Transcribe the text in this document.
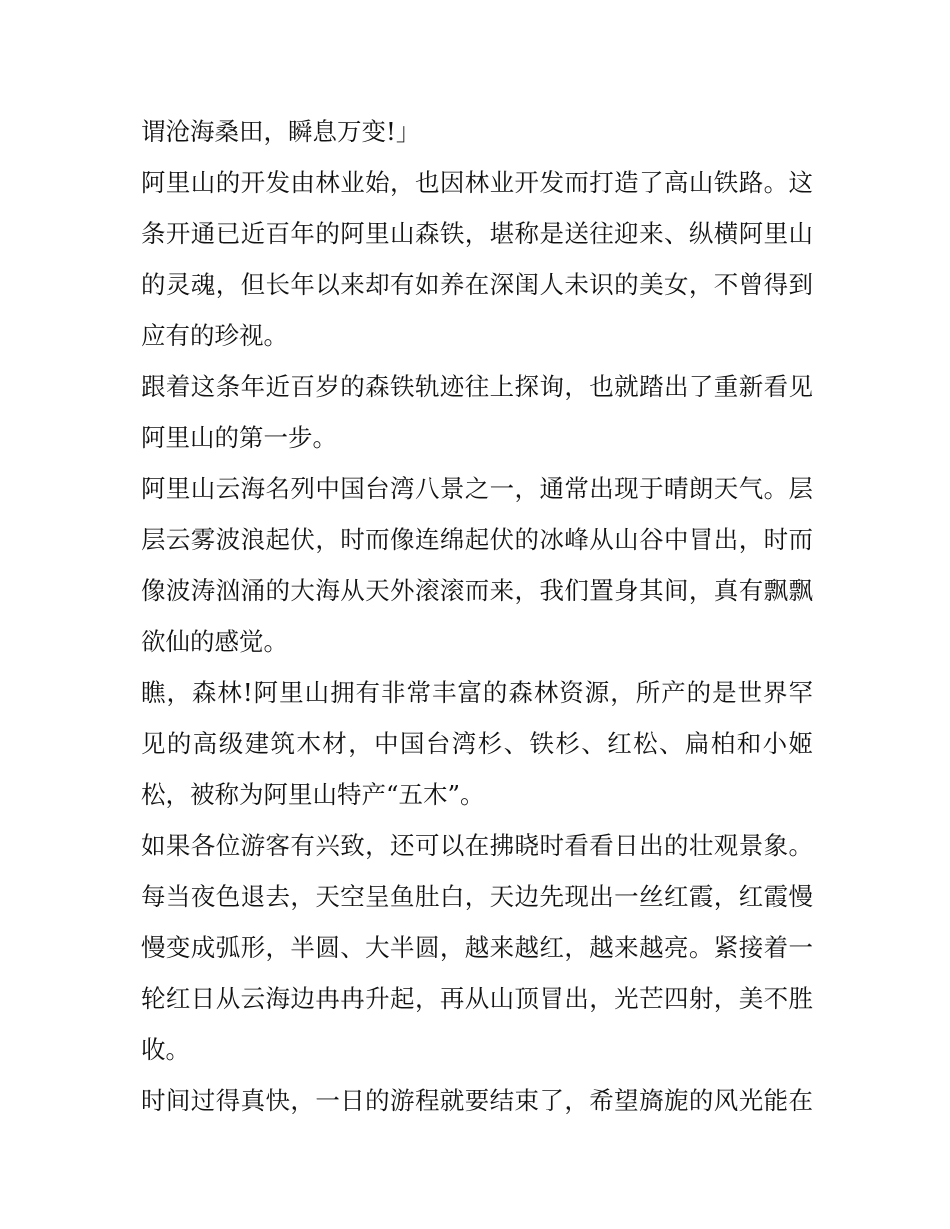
谓沧海桑田，瞬息万变!」
阿里山的开发由林业始，也因林业开发而打造了高山铁路。这
条开通已近百年的阿里山森铁，堪称是送往迎来、纵横阿里山
的灵魂，但长年以来却有如养在深闺人未识的美女，不曾得到
应有的珍视。
跟着这条年近百岁的森铁轨迹往上探询，也就踏出了重新看见
阿里山的第一步。
阿里山云海名列中国台湾八景之一，通常出现于晴朗天气。层
层云雾波浪起伏，时而像连绵起伏的冰峰从山谷中冒出，时而
像波涛汹涌的大海从天外滚滚而来，我们置身其间，真有飘飘
欲仙的感觉。
瞧，森林!阿里山拥有非常丰富的森林资源，所产的是世界罕
见的高级建筑木材，中国台湾杉、铁杉、红松、扁柏和小姬
松，被称为阿里山特产“五木”。
如果各位游客有兴致，还可以在拂晓时看看日出的壮观景象。
每当夜色退去，天空呈鱼肚白，天边先现出一丝红霞，红霞慢
慢变成弧形，半圆、大半圆，越来越红，越来越亮。紧接着一
轮红日从云海边冉冉升起，再从山顶冒出，光芒四射，美不胜
收。
时间过得真快，一日的游程就要结束了，希望旖旎的风光能在
